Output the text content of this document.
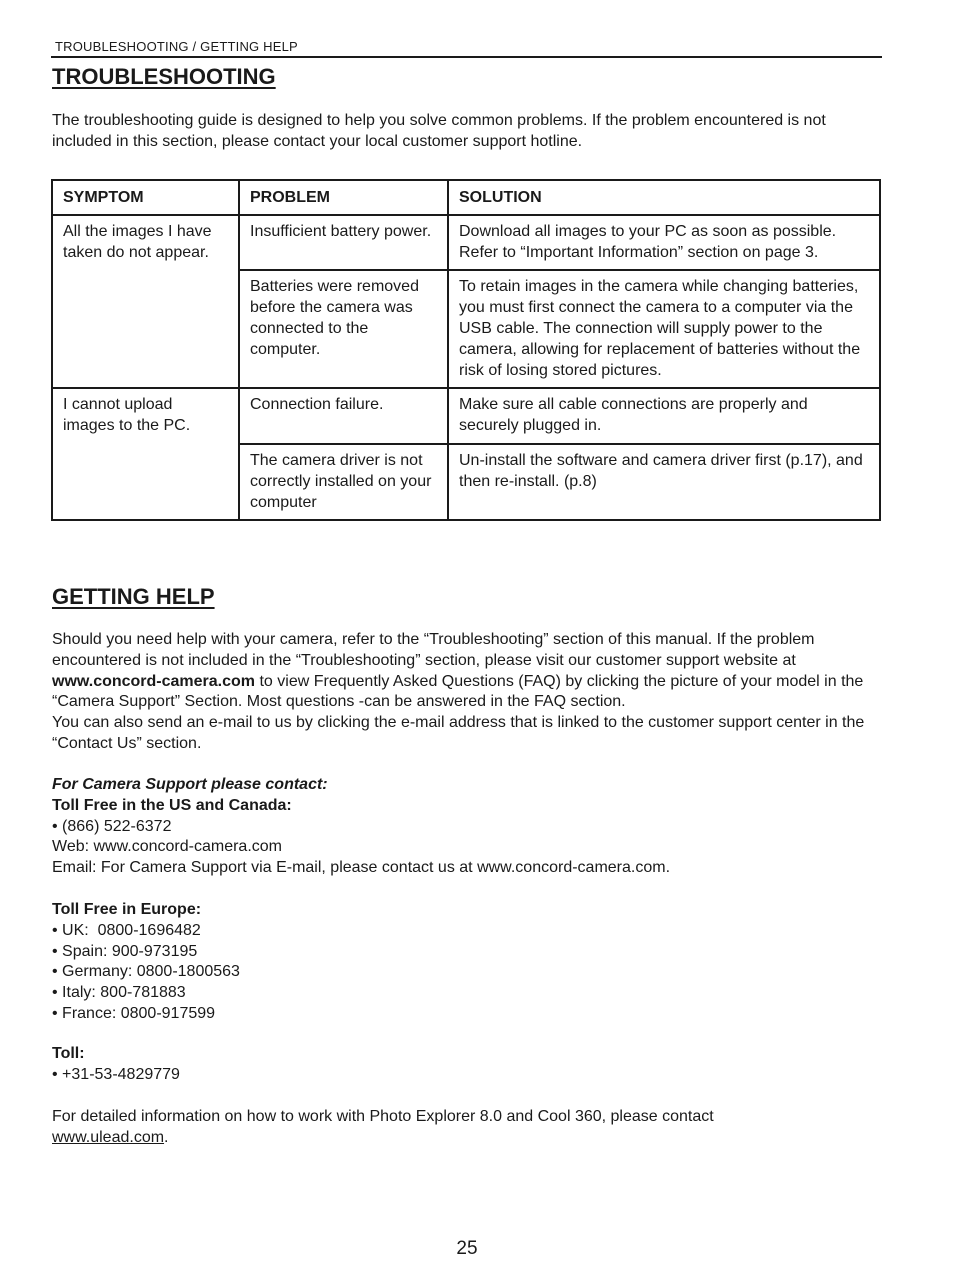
TROUBLESHOOTING / GETTING HELP
TROUBLESHOOTING

The troubleshooting guide is designed to help you solve common problems. If the problem encountered is not included in this section, please contact your local customer support hotline.

SYMPTOM	PROBLEM	SOLUTION
All the images I have taken do not appear.	Insufficient battery power.	Download all images to your PC as soon as possible. Refer to “Important Information” section on page 3.
	Batteries were removed before the camera was connected to the computer.	To retain images in the camera while changing batteries, you must first connect the camera to a computer via the USB cable. The connection will supply power to the camera, allowing for replacement of batteries without the risk of losing stored pictures.
I cannot upload images to the PC.	Connection failure.	Make sure all cable connections are properly and securely plugged in.
	The camera driver is not correctly installed on your computer	Un-install the software and camera driver first (p.17), and then re-install. (p.8)
GETTING HELP

Should you need help with your camera, refer to the “Troubleshooting” section of this manual. If the problem encountered is not included in the “Troubleshooting” section, please visit our customer support website at www.concord-camera.com to view Frequently Asked Questions (FAQ) by clicking the picture of your model in the “Camera Support” Section. Most questions -can be answered in the FAQ section.

You can also send an e-mail to us by clicking the e-mail address that is linked to the customer support center in the “Contact Us” section.

For Camera Support please contact:
Toll Free in the US and Canada:
• (866) 522-6372
Web: www.concord-camera.com
Email: For Camera Support via E-mail, please contact us at www.concord-camera.com.
Toll Free in Europe:
• UK:  0800-1696482
• Spain: 900-973195
• Germany: 0800-1800563
• Italy: 800-781883
• France: 0800-917599
Toll:
• +31-53-4829779
For detailed information on how to work with Photo Explorer 8.0 and Cool 360, please contact
www.ulead.com.
25
